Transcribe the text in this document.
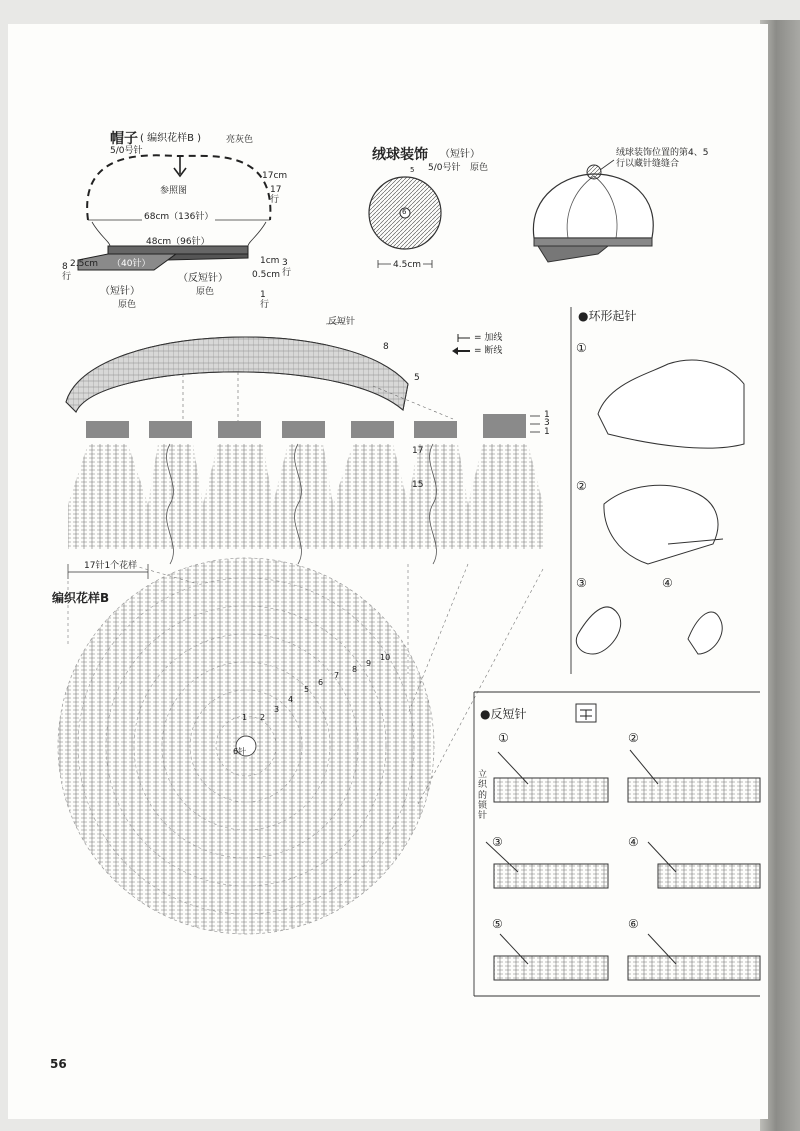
帽子 ( 编织花样B )	亮灰色
5/0号针
参照图
68cm（136针）
48cm（96针）
（40针）
2.5cm
8
行
17cm
17
行
1cm 3
行
0.5cm
1
行
（短针）
原色
（反短针）
原色
绒球装饰 （短针）
5/0号针 原色
4.5cm
6
5
绒球装饰位置的第4、5
行以藏针缝缝合
反短针
8
5
= 加线
= 断线
1
3
1
17
15
17针1个花样
编织花样B
6针
1 2
3
4
5
6
7
8
9
10
●环形起针
①
②
③	④
●反短针
①	②
③	④
⑤	⑥
立
织
的
锁
针
56
